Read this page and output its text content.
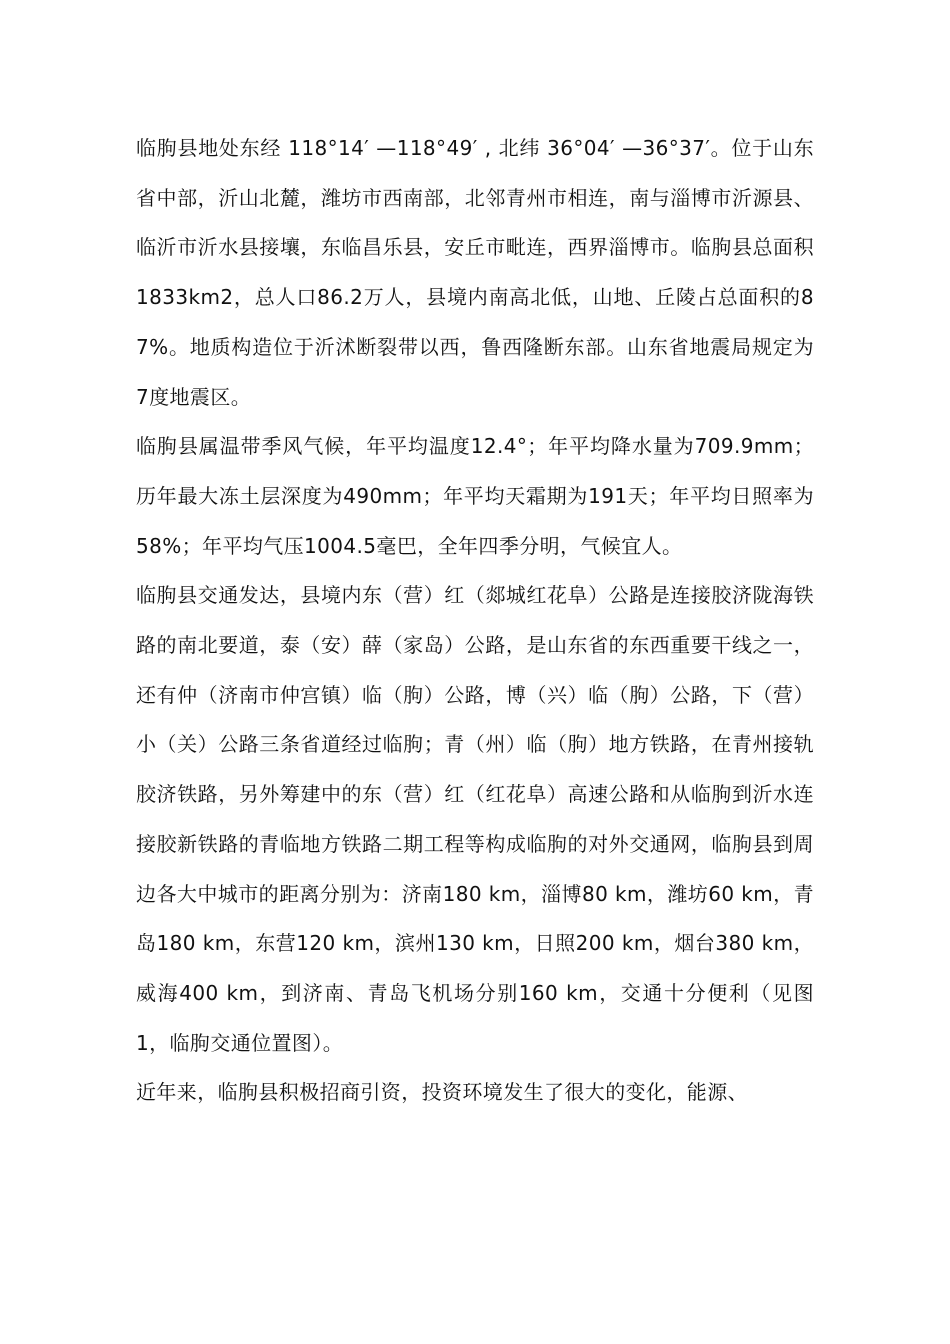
临朐县地处东经 118°14′ —118°49′ , 北纬 36°04′ —36°37′。位于山东省中部，沂山北麓，潍坊市西南部，北邻青州市相连，南与淄博市沂源县、临沂市沂水县接壤，东临昌乐县，安丘市毗连，西界淄博市。临朐县总面积1833km2，总人口86.2万人，县境内南高北低，山地、丘陵占总面积的87%。地质构造位于沂沭断裂带以西，鲁西隆断东部。山东省地震局规定为7度地震区。

临朐县属温带季风气候，年平均温度12.4°；年平均降水量为709.9mm；历年最大冻土层深度为490mm；年平均天霜期为191天；年平均日照率为58%；年平均气压1004.5毫巴，全年四季分明，气候宜人。

临朐县交通发达，县境内东（营）红（郯城红花阜）公路是连接胶济陇海铁路的南北要道，泰（安）薛（家岛）公路，是山东省的东西重要干线之一，还有仲（济南市仲宫镇）临（朐）公路，博（兴）临（朐）公路，下（营）小（关）公路三条省道经过临朐；青（州）临（朐）地方铁路，在青州接轨胶济铁路，另外筹建中的东（营）红（红花阜）高速公路和从临朐到沂水连接胶新铁路的青临地方铁路二期工程等构成临朐的对外交通网，临朐县到周边各大中城市的距离分别为：济南180 km，淄博80 km，潍坊60 km，青岛180 km，东营120 km，滨州130 km，日照200 km，烟台380 km，威海400 km，到济南、青岛飞机场分别160 km，交通十分便利（见图1，临朐交通位置图）。

近年来，临朐县积极招商引资，投资环境发生了很大的变化，能源、
